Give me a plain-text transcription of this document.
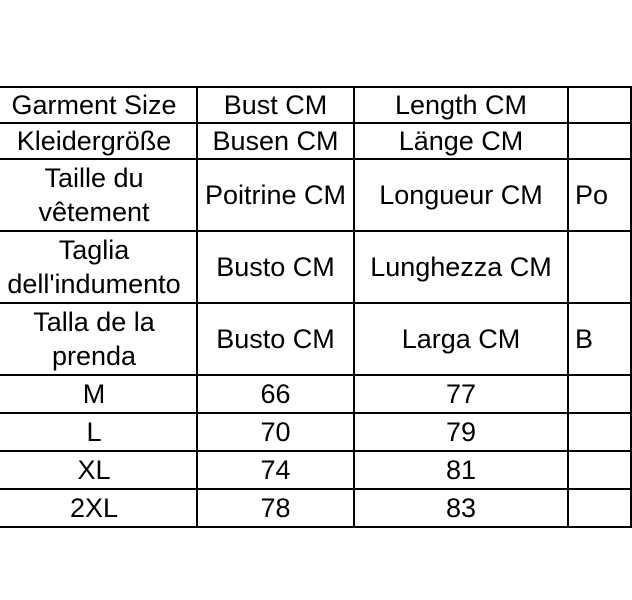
Garment Size	Bust CM	Length CM	
Kleidergröße	Busen CM	Länge CM	
Taille du vêtement	Poitrine CM	Longueur CM	Po
Taglia dell'indumento	Busto CM	Lunghezza CM	
Talla de la prenda	Busto CM	Larga CM	B
M	66	77	
L	70	79	
XL	74	81	
2XL	78	83	
